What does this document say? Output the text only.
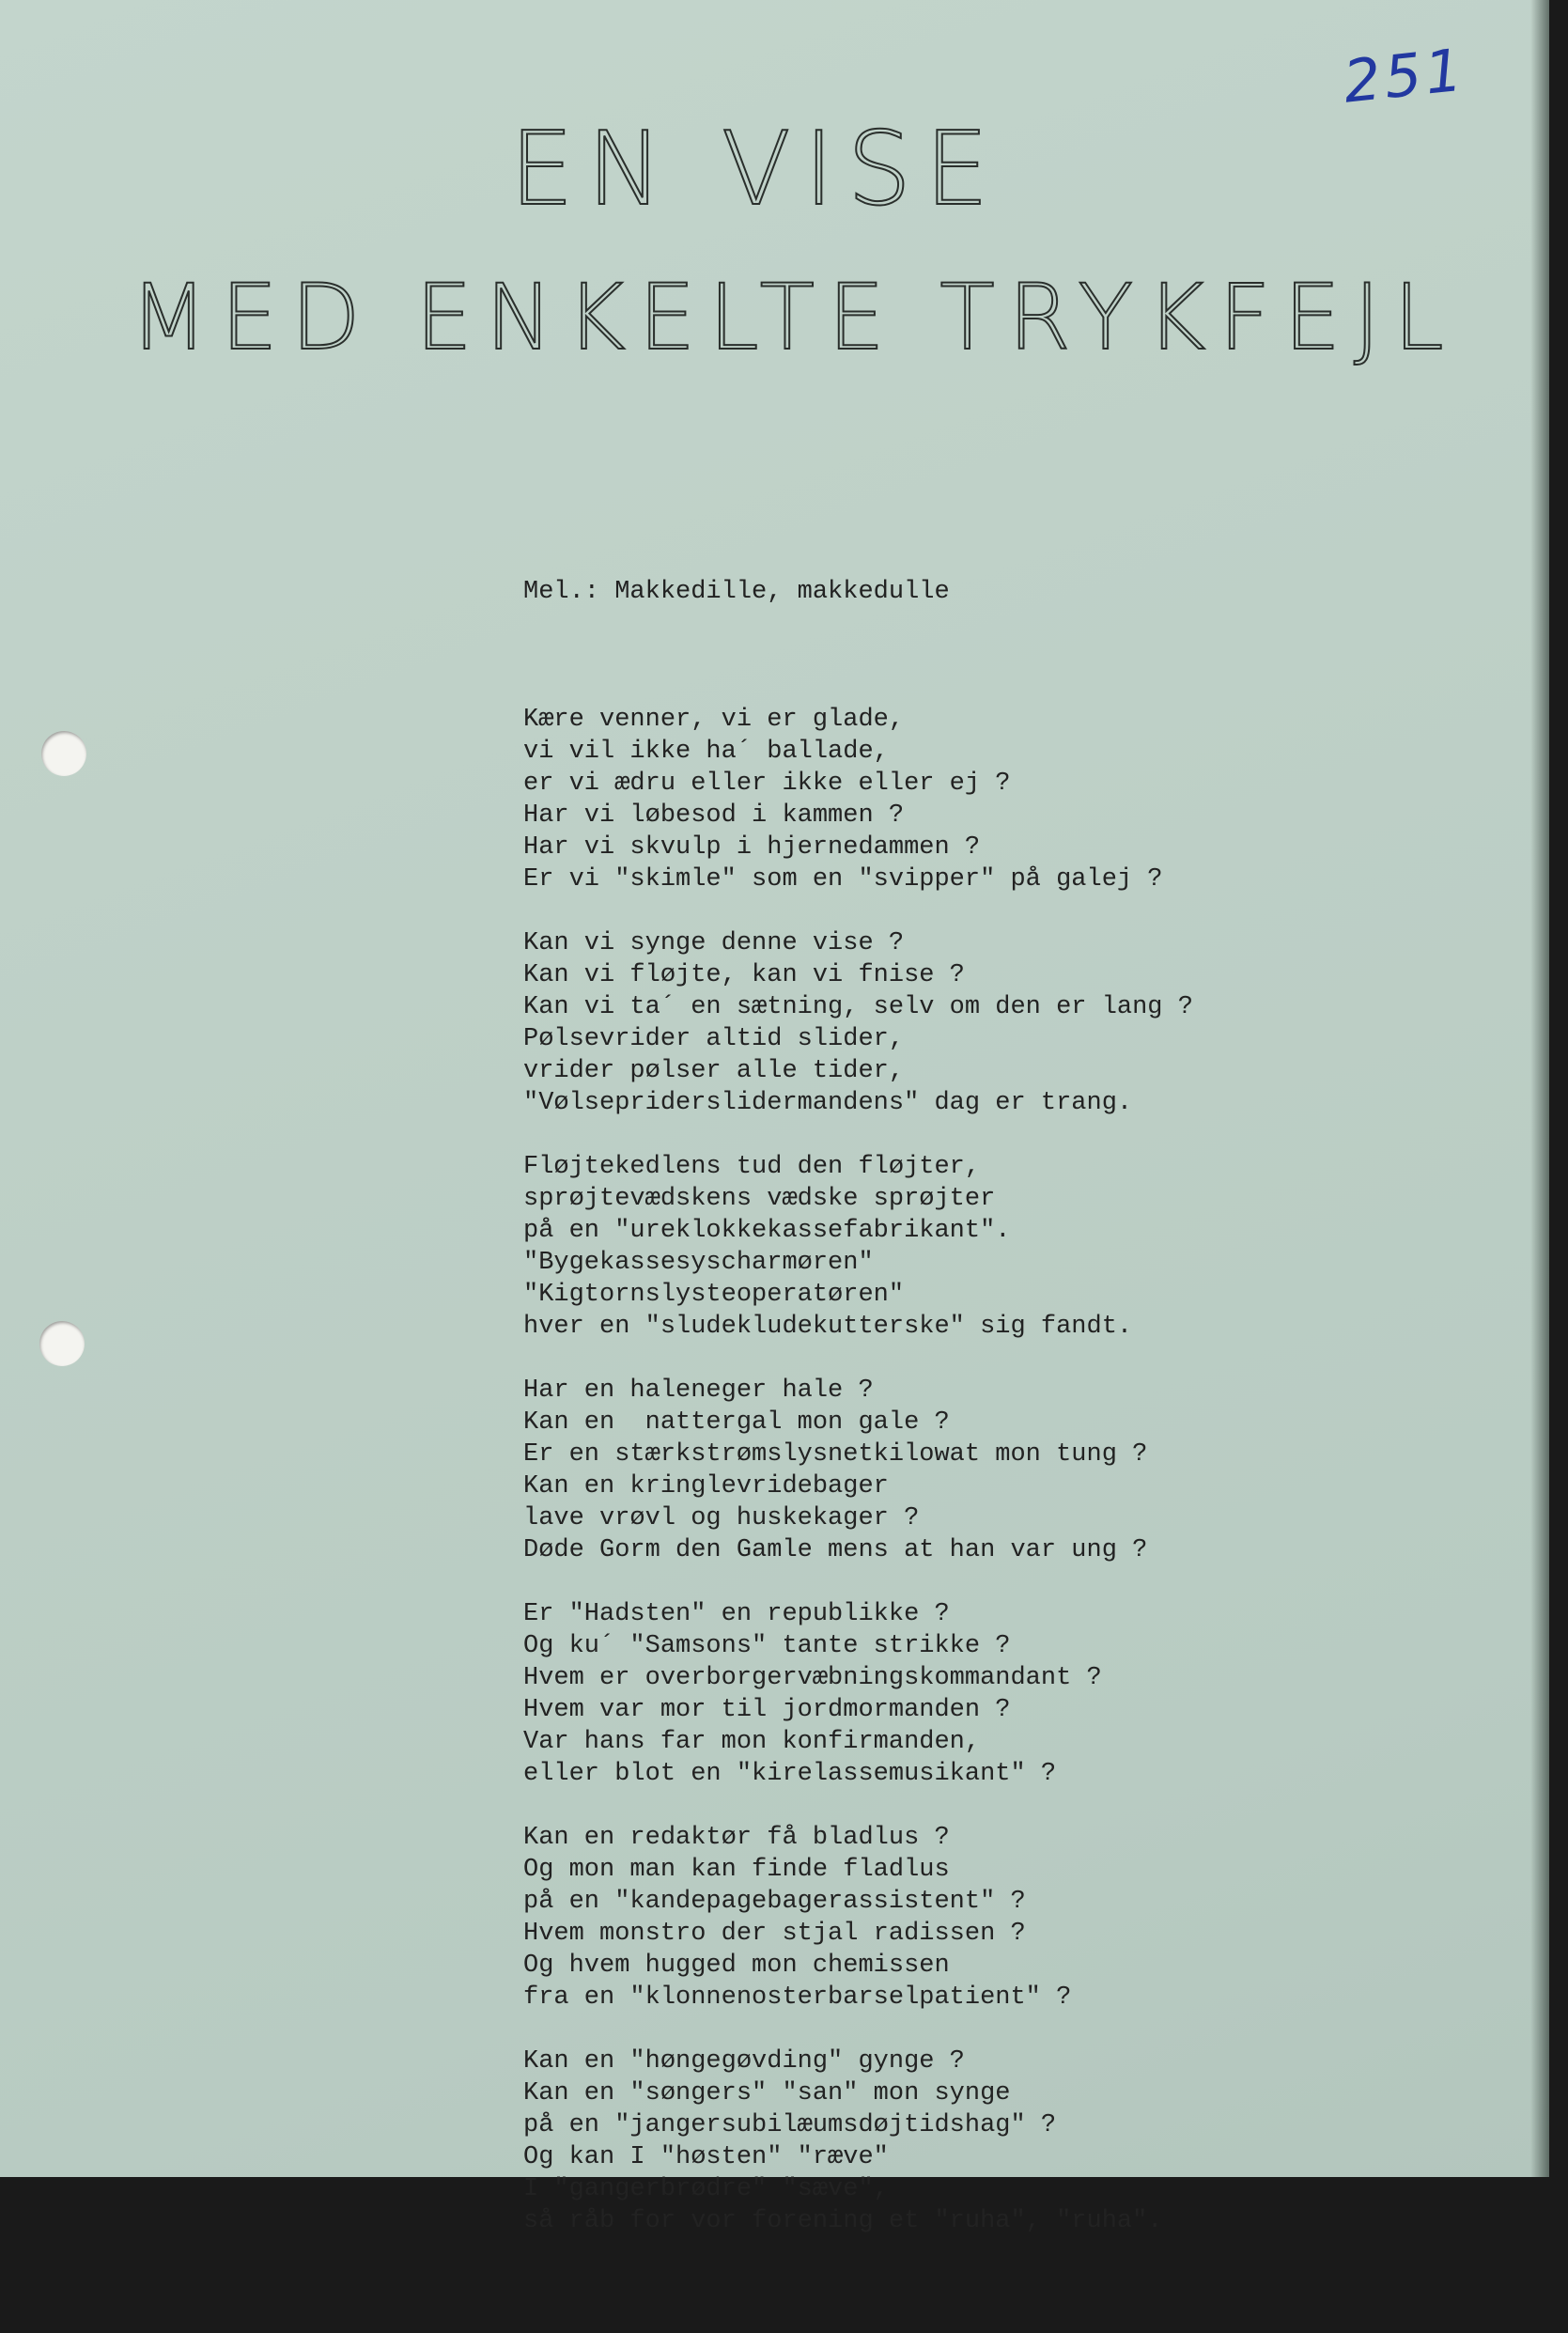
251
EN VISE
MED ENKELTE TRYKFEJL

Mel.: Makkedille, makkedulle

Kære venner, vi er glade,
vi vil ikke ha´ ballade,
er vi ædru eller ikke eller ej ?
Har vi løbesod i kammen ?
Har vi skvulp i hjernedammen ?
Er vi "skimle" som en "svipper" på galej ?
Kan vi synge denne vise ?
Kan vi fløjte, kan vi fnise ?
Kan vi ta´ en sætning, selv om den er lang ?
Pølsevrider altid slider,
vrider pølser alle tider,
"Vølsepriderslidermandens" dag er trang.
Fløjtekedlens tud den fløjter,
sprøjtevædskens vædske sprøjter
på en "ureklokkekassefabrikant".
"Bygekassesyscharmøren"
"Kigtornslysteoperatøren"
hver en "sludekludekutterske" sig fandt.
Har en haleneger hale ?
Kan en  nattergal mon gale ?
Er en stærkstrømslysnetkilowat mon tung ?
Kan en kringlevridebager
lave vrøvl og huskekager ?
Døde Gorm den Gamle mens at han var ung ?
Er "Hadsten" en republikke ?
Og ku´ "Samsons" tante strikke ?
Hvem er overborgervæbningskommandant ?
Hvem var mor til jordmormanden ?
Var hans far mon konfirmanden,
eller blot en "kirelassemusikant" ?
Kan en redaktør få bladlus ?
Og mon man kan finde fladlus
på en "kandepagebagerassistent" ?
Hvem monstro der stjal radissen ?
Og hvem hugged mon chemissen
fra en "klonnenosterbarselpatient" ?
Kan en "høngegøvding" gynge ?
Kan en "søngers" "san" mon synge
på en "jangersubilæumsdøjtidshag" ?
Og kan I "høsten" "ræve"
I "gangerbrødre" "sæve",
så råb for vor forening et "ruha", "ruha".
